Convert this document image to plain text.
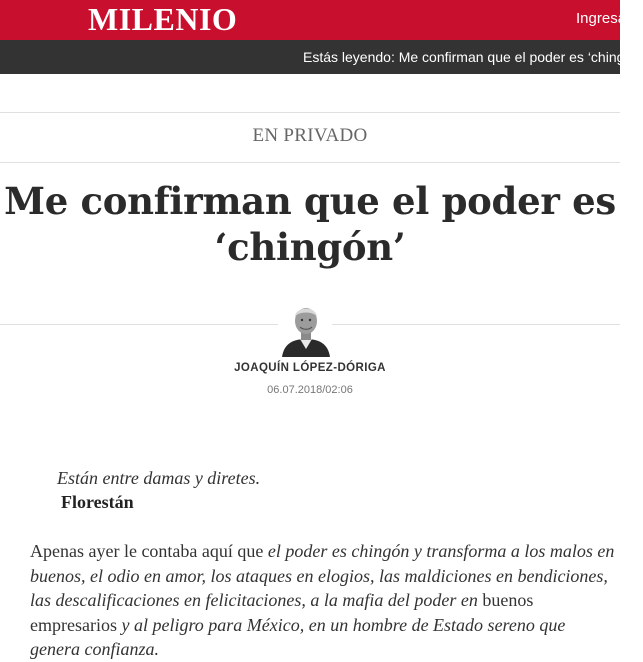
MILENIO	Ingresa
Estás leyendo: Me confirman que el poder es ‘chingón’
EN PRIVADO
Me confirman que el poder es
‘chingón’
JOAQUÍN LÓPEZ-DÓRIGA
06.07.2018/02:06
Están entre damas y diretes.
Florestán

Apenas ayer le contaba aquí que el poder es chingón y transforma a los malos en buenos, el odio en amor, los ataques en elogios, las maldiciones en bendiciones, las descalificaciones en felicitaciones, a la mafia del poder en buenos empresarios y al peligro para México, en un hombre de Estado sereno que genera confianza.
